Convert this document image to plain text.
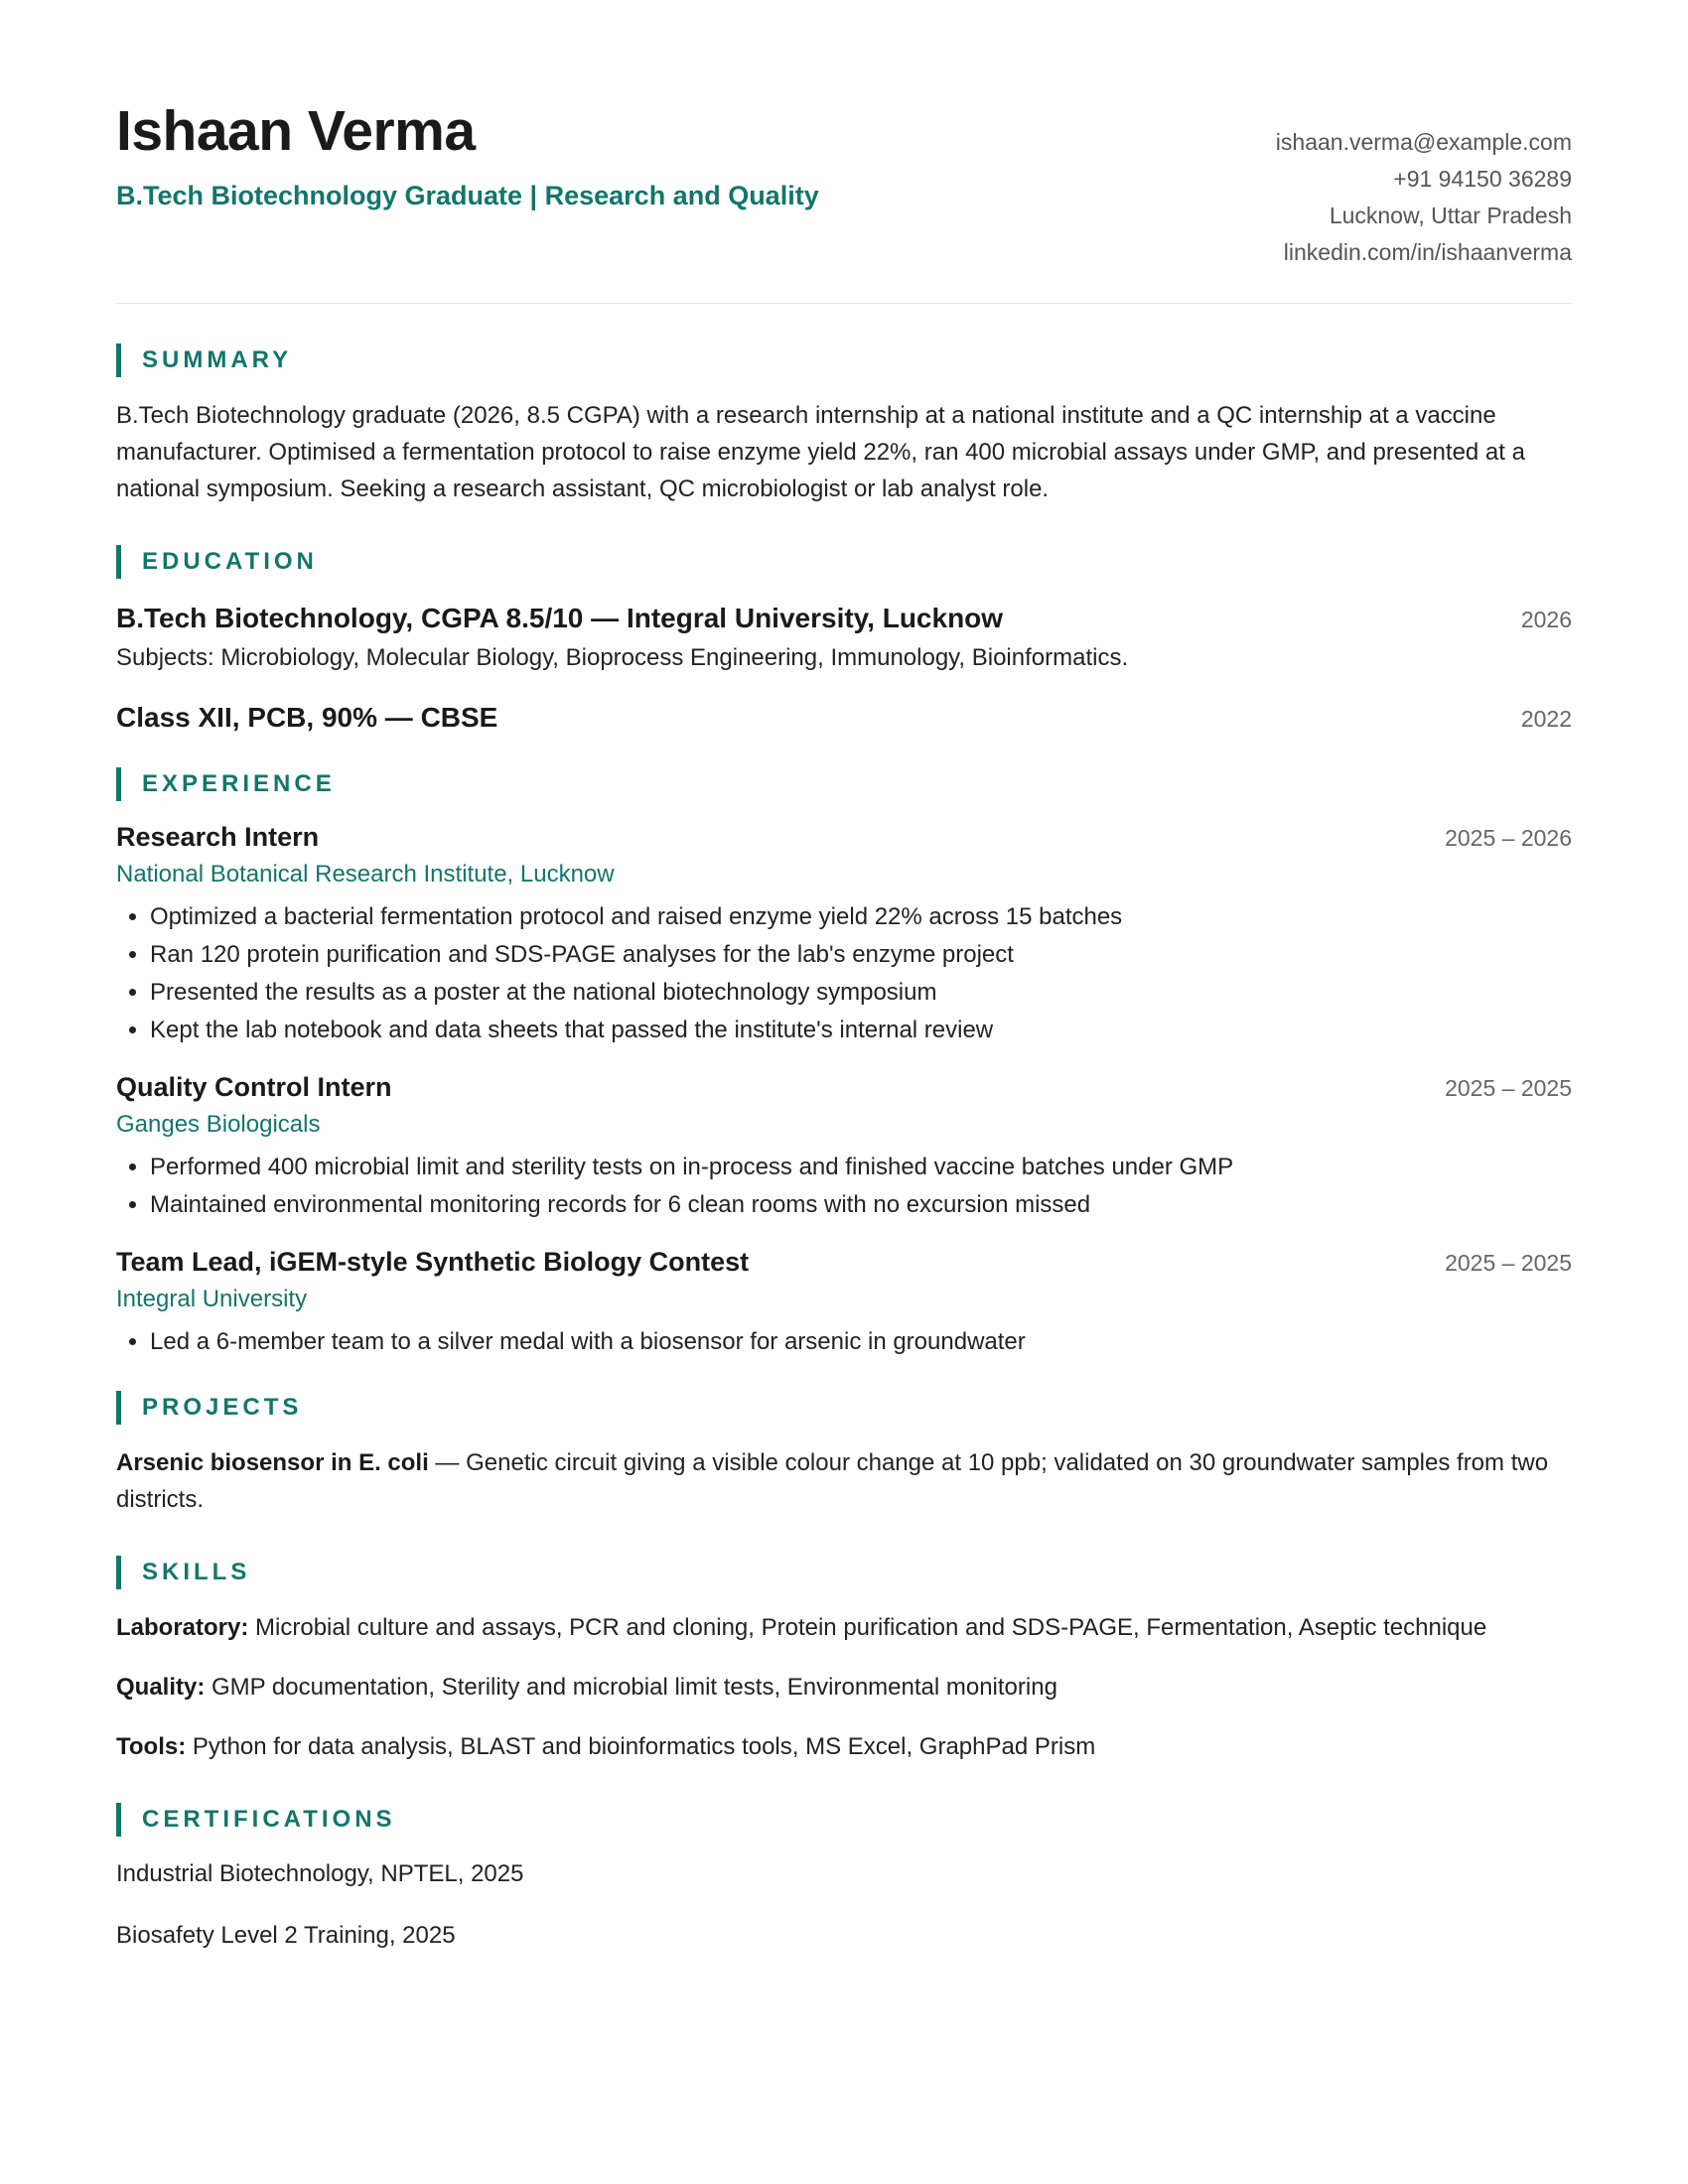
Ishaan Verma
B.Tech Biotechnology Graduate | Research and Quality
ishaan.verma@example.com
+91 94150 36289
Lucknow, Uttar Pradesh
linkedin.com/in/ishaanverma
SUMMARY

B.Tech Biotechnology graduate (2026, 8.5 CGPA) with a research internship at a national institute and a QC internship at a vaccine manufacturer. Optimised a fermentation protocol to raise enzyme yield 22%, ran 400 microbial assays under GMP, and presented at a national symposium. Seeking a research assistant, QC microbiologist or lab analyst role.

EDUCATION
B.Tech Biotechnology, CGPA 8.5/10 — Integral University, Lucknow	2026
Subjects: Microbiology, Molecular Biology, Bioprocess Engineering, Immunology, Bioinformatics.
Class XII, PCB, 90% — CBSE	2022
EXPERIENCE
Research Intern	2025 – 2026
National Botanical Research Institute, Lucknow
• Optimized a bacterial fermentation protocol and raised enzyme yield 22% across 15 batches
• Ran 120 protein purification and SDS-PAGE analyses for the lab's enzyme project
• Presented the results as a poster at the national biotechnology symposium
• Kept the lab notebook and data sheets that passed the institute's internal review
Quality Control Intern	2025 – 2025
Ganges Biologicals
• Performed 400 microbial limit and sterility tests on in-process and finished vaccine batches under GMP
• Maintained environmental monitoring records for 6 clean rooms with no excursion missed
Team Lead, iGEM-style Synthetic Biology Contest	2025 – 2025
Integral University
• Led a 6-member team to a silver medal with a biosensor for arsenic in groundwater
PROJECTS

Arsenic biosensor in E. coli — Genetic circuit giving a visible colour change at 10 ppb; validated on 30 groundwater samples from two districts.

SKILLS

Laboratory: Microbial culture and assays, PCR and cloning, Protein purification and SDS-PAGE, Fermentation, Aseptic technique

Quality: GMP documentation, Sterility and microbial limit tests, Environmental monitoring

Tools: Python for data analysis, BLAST and bioinformatics tools, MS Excel, GraphPad Prism

CERTIFICATIONS
Industrial Biotechnology, NPTEL, 2025
Biosafety Level 2 Training, 2025
